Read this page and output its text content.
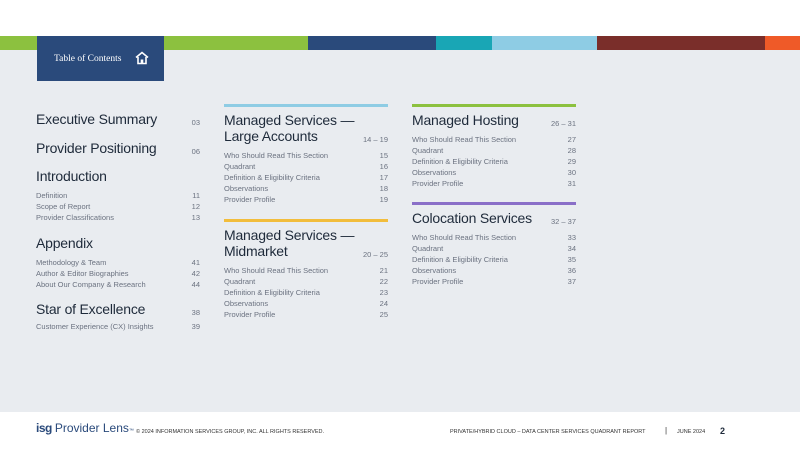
Table of Contents
Executive Summary	03
Provider Positioning	06
Introduction
Definition	11
Scope of Report	12
Provider Classifications	13
Appendix
Methodology & Team	41
Author & Editor Biographies	42
About Our Company & Research	44
Star of Excellence	38
Customer Experience (CX) Insights	39
Managed Services —
Large Accounts	14 – 19
Who Should Read This Section	15
Quadrant	16
Definition & Eligibility Criteria	17
Observations	18
Provider Profile	19
Managed Services —
Midmarket	20 – 25
Who Should Read This Section	21
Quadrant	22
Definition & Eligibility Criteria	23
Observations	24
Provider Profile	25
Managed Hosting	26 – 31
Who Should Read This Section	27
Quadrant	28
Definition & Eligibility Criteria	29
Observations	30
Provider Profile	31
Colocation Services	32 – 37
Who Should Read This Section	33
Quadrant	34
Definition & Eligibility Criteria	35
Observations	36
Provider Profile	37
isg Provider Lens ™ © 2024 INFORMATION SERVICES GROUP, INC. ALL RIGHTS RESERVED.	PRIVATE/HYBRID CLOUD – DATA CENTER SERVICES QUADRANT REPORT | JUNE 2024 2
